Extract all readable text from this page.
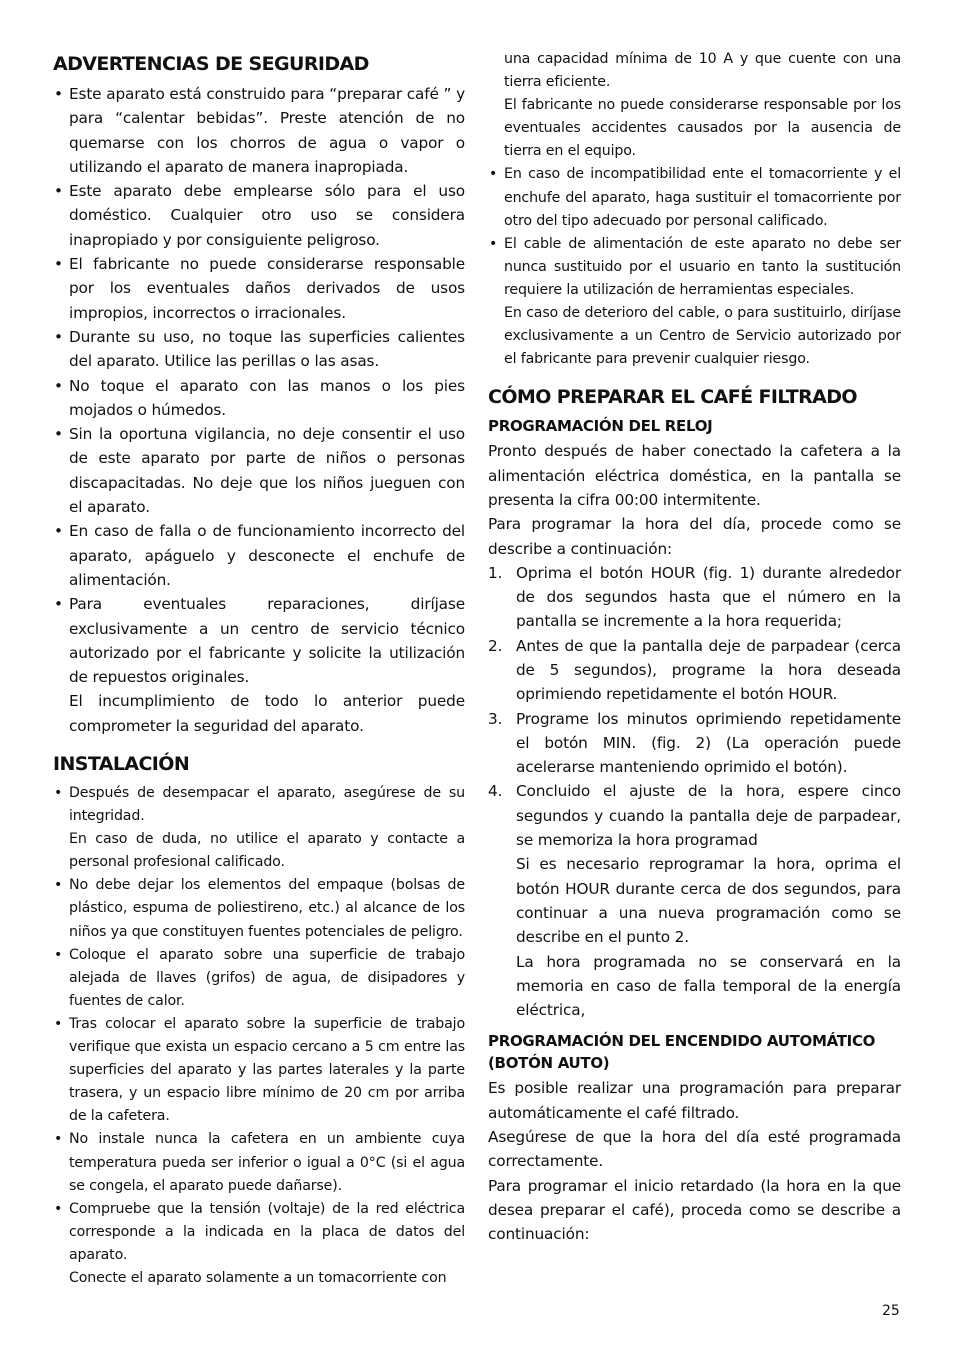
ADVERTENCIAS DE SEGURIDAD
• Este aparato está construido para “preparar café ” y para “calentar bebidas”. Preste atención de no quemarse con los chorros de agua o vapor o utilizando el aparato de manera inapropiada.
• Este aparato debe emplearse sólo para el uso doméstico. Cualquier otro uso se considera inapropiado y por consiguiente peligroso.
• El fabricante no puede considerarse responsable por los eventuales daños derivados de usos impropios, incorrectos o irracionales.
• Durante su uso, no toque las superficies calientes del aparato. Utilice las perillas o las asas.
• No toque el aparato con las manos o los pies mojados o húmedos.
• Sin la oportuna vigilancia, no deje consentir el uso de este aparato por parte de niños o personas discapacitadas. No deje que los niños jueguen con el aparato.
• En caso de falla o de funcionamiento incorrecto del aparato, apáguelo y desconecte el enchufe de alimentación.
• Para eventuales reparaciones, diríjase exclusivamente a un centro de servicio técnico autorizado por el fabricante y solicite la utilización de repuestos originales.

El incumplimiento de todo lo anterior puede comprometer la seguridad del aparato.

INSTALACIÓN
• Después de desempacar el aparato, asegúrese de su integridad.

En caso de duda, no utilice el aparato y contacte a personal profesional calificado.

• No debe dejar los elementos del empaque (bolsas de plástico, espuma de poliestireno, etc.) al alcance de los niños ya que constituyen fuentes potenciales de peligro.
• Coloque el aparato sobre una superficie de trabajo alejada de llaves (grifos) de agua, de disipadores y fuentes de calor.
• Tras colocar el aparato sobre la superficie de trabajo verifique que exista un espacio cercano a 5 cm entre las superficies del aparato y las partes laterales y la parte trasera, y un espacio libre mínimo de 20 cm por arriba de la cafetera.
• No instale nunca la cafetera en un ambiente cuya temperatura pueda ser inferior o igual a 0°C (si el agua se congela, el aparato puede dañarse).
• Compruebe que la tensión (voltaje) de la red eléctrica corresponde a la indicada en la placa de datos del aparato.

Conecte el aparato solamente a un tomacorriente con

una capacidad mínima de 10 A y que cuente con una tierra eficiente.

El fabricante no puede considerarse responsable por los eventuales accidentes causados por la ausencia de tierra en el equipo.

• En caso de incompatibilidad ente el tomacorriente y el enchufe del aparato, haga sustituir el tomacorriente por otro del tipo adecuado por personal calificado.
• El cable de alimentación de este aparato no debe ser nunca sustituido por el usuario en tanto la sustitución requiere la utilización de herramientas especiales.

En caso de deterioro del cable, o para sustituirlo, diríjase exclusivamente a un Centro de Servicio autorizado por el fabricante para prevenir cualquier riesgo.

CÓMO PREPARAR EL CAFÉ FILTRADO
PROGRAMACIÓN DEL RELOJ

Pronto después de haber conectado la cafetera a la alimentación eléctrica doméstica, en la pantalla se presenta la cifra 00:00 intermitente.

Para programar la hora del día, procede como se describe a continuación:

1. Oprima el botón HOUR (fig. 1) durante alrededor de dos segundos hasta que el número en la pantalla se incremente a la hora requerida;
2. Antes de que la pantalla deje de parpadear (cerca de 5 segundos), programe la hora deseada oprimiendo repetidamente el botón HOUR.
3. Programe los minutos oprimiendo repetidamente el botón MIN. (fig. 2) (La operación puede acelerarse manteniendo oprimido el botón).
4. Concluido el ajuste de la hora, espere cinco segundos y cuando la pantalla deje de parpadear, se memoriza la hora programad

Si es necesario reprogramar la hora, oprima el botón HOUR durante cerca de dos segundos, para continuar a una nueva programación como se describe en el punto 2.

La hora programada no se conservará en la memoria en caso de falla temporal de la energía eléctrica,

PROGRAMACIÓN DEL ENCENDIDO AUTOMÁTICO (BOTÓN AUTO)

Es posible realizar una programación para preparar automáticamente el café filtrado.

Asegúrese de que la hora del día esté programada correctamente.

Para programar el inicio retardado (la hora en la que desea preparar el café), proceda como se describe a continuación:

25
